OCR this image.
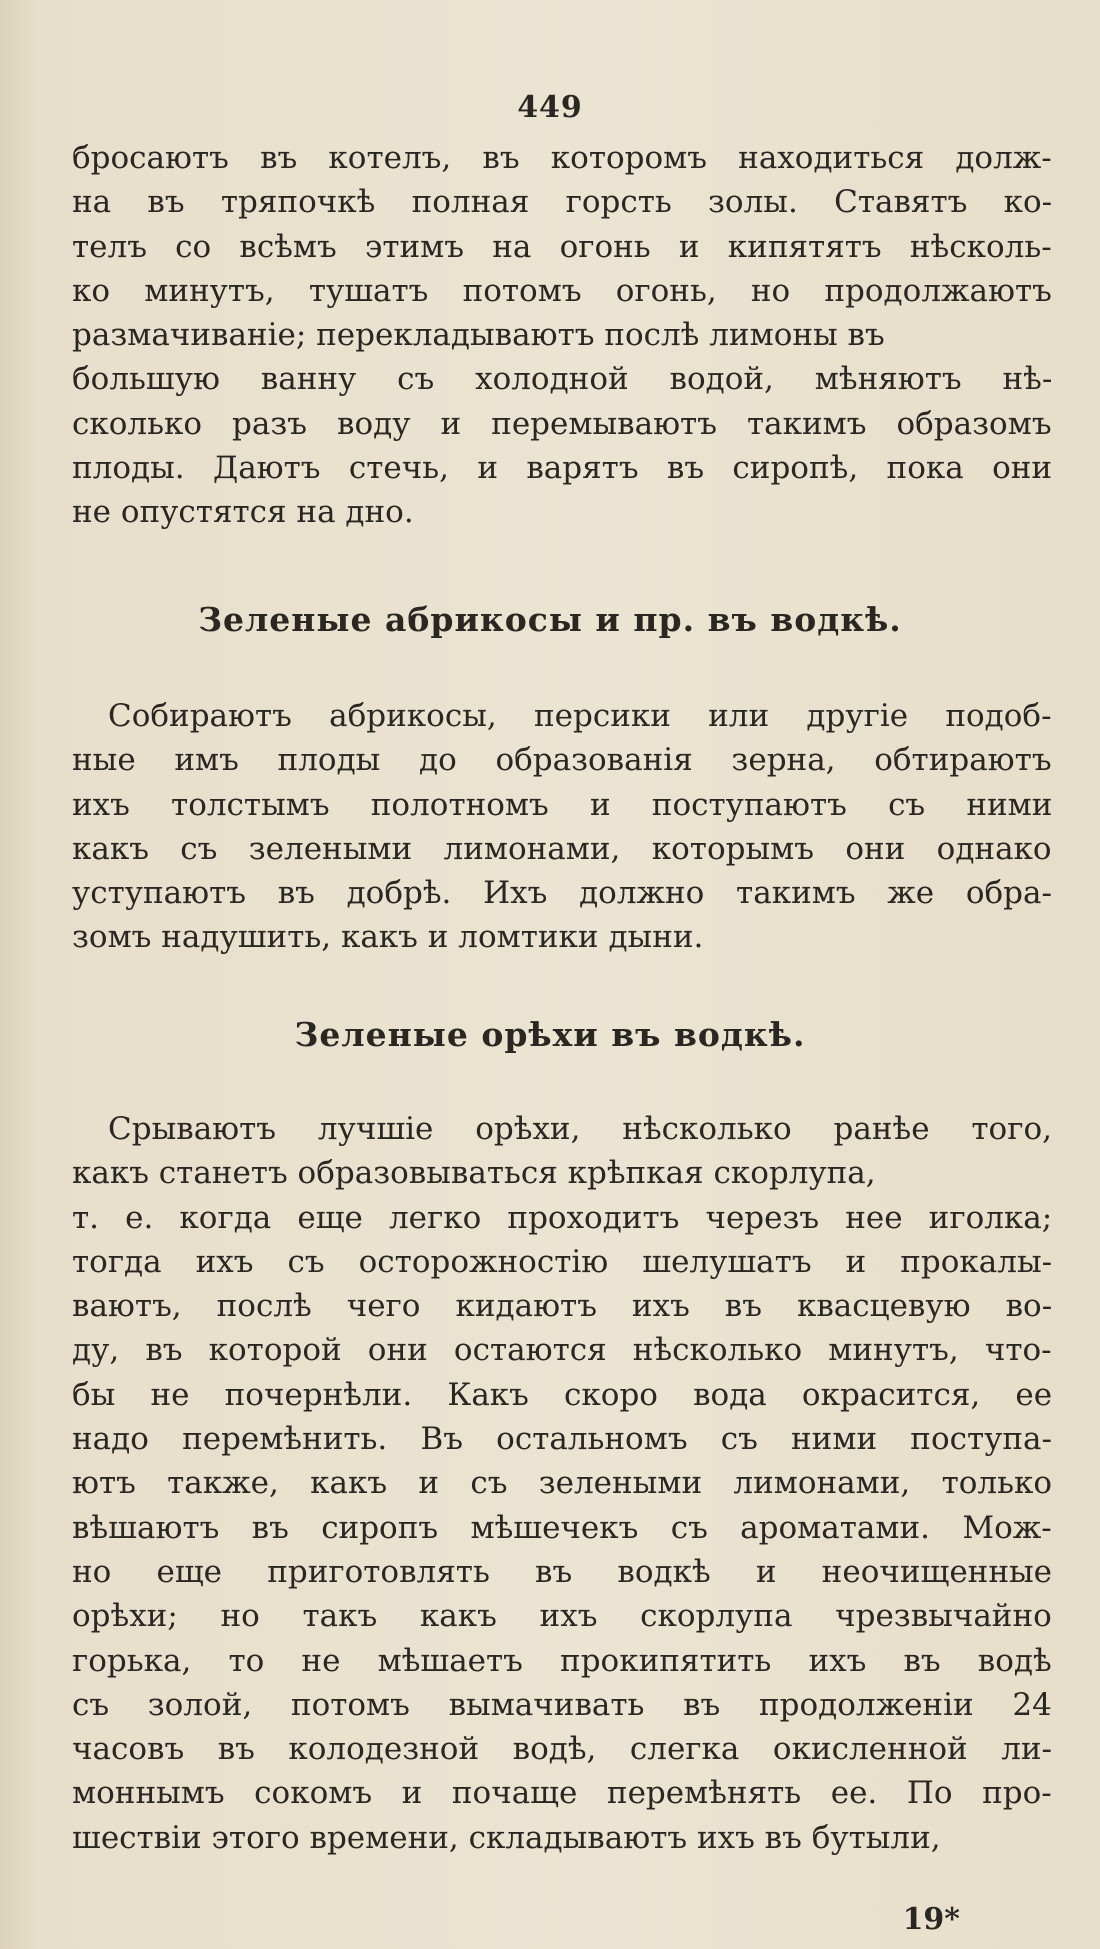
449
бросаютъ въ котелъ, въ которомъ находиться долж-
на въ тряпочкѣ полная горсть золы. Ставятъ ко-
телъ со всѣмъ этимъ на огонь и кипятятъ нѣсколь-
ко минутъ, тушатъ потомъ огонь, но продолжаютъ
размачиваніе; перекладываютъ послѣ лимоны въ
большую ванну съ холодной водой, мѣняютъ нѣ-
сколько разъ воду и перемываютъ такимъ образомъ
плоды. Даютъ стечь, и варятъ въ сиропѣ, пока они
не опустятся на дно.
Зеленые абрикосы и пр. въ водкѣ.
Собираютъ абрикосы, персики или другіе подоб-
ные имъ плоды до образованія зерна, обтираютъ
ихъ толстымъ полотномъ и поступаютъ съ ними
какъ съ зелеными лимонами, которымъ они однако
уступаютъ въ добрѣ. Ихъ должно такимъ же обра-
зомъ надушить, какъ и ломтики дыни.
Зеленые орѣхи въ водкѣ.
Срываютъ лучшіе орѣхи, нѣсколько ранѣе того,
какъ станетъ образовываться крѣпкая скорлупа,
т. е. когда еще легко проходитъ черезъ нее иголка;
тогда ихъ съ осторожностію шелушатъ и прокалы-
ваютъ, послѣ чего кидаютъ ихъ въ квасцевую во-
ду, въ которой они остаются нѣсколько минутъ, что-
бы не почернѣли. Какъ скоро вода окрасится, ее
надо перемѣнить. Въ остальномъ съ ними поступа-
ютъ также, какъ и съ зелеными лимонами, только
вѣшаютъ въ сиропъ мѣшечекъ съ ароматами. Мож-
но еще приготовлять въ водкѣ и неочищенные
орѣхи; но такъ какъ ихъ скорлупа чрезвычайно
горька, то не мѣшаетъ прокипятить ихъ въ водѣ
съ золой, потомъ вымачивать въ продолженіи 24
часовъ въ колодезной водѣ, слегка окисленной ли-
моннымъ сокомъ и почаще перемѣнять ее. По про-
шествіи этого времени, складываютъ ихъ въ бутыли,
19*
